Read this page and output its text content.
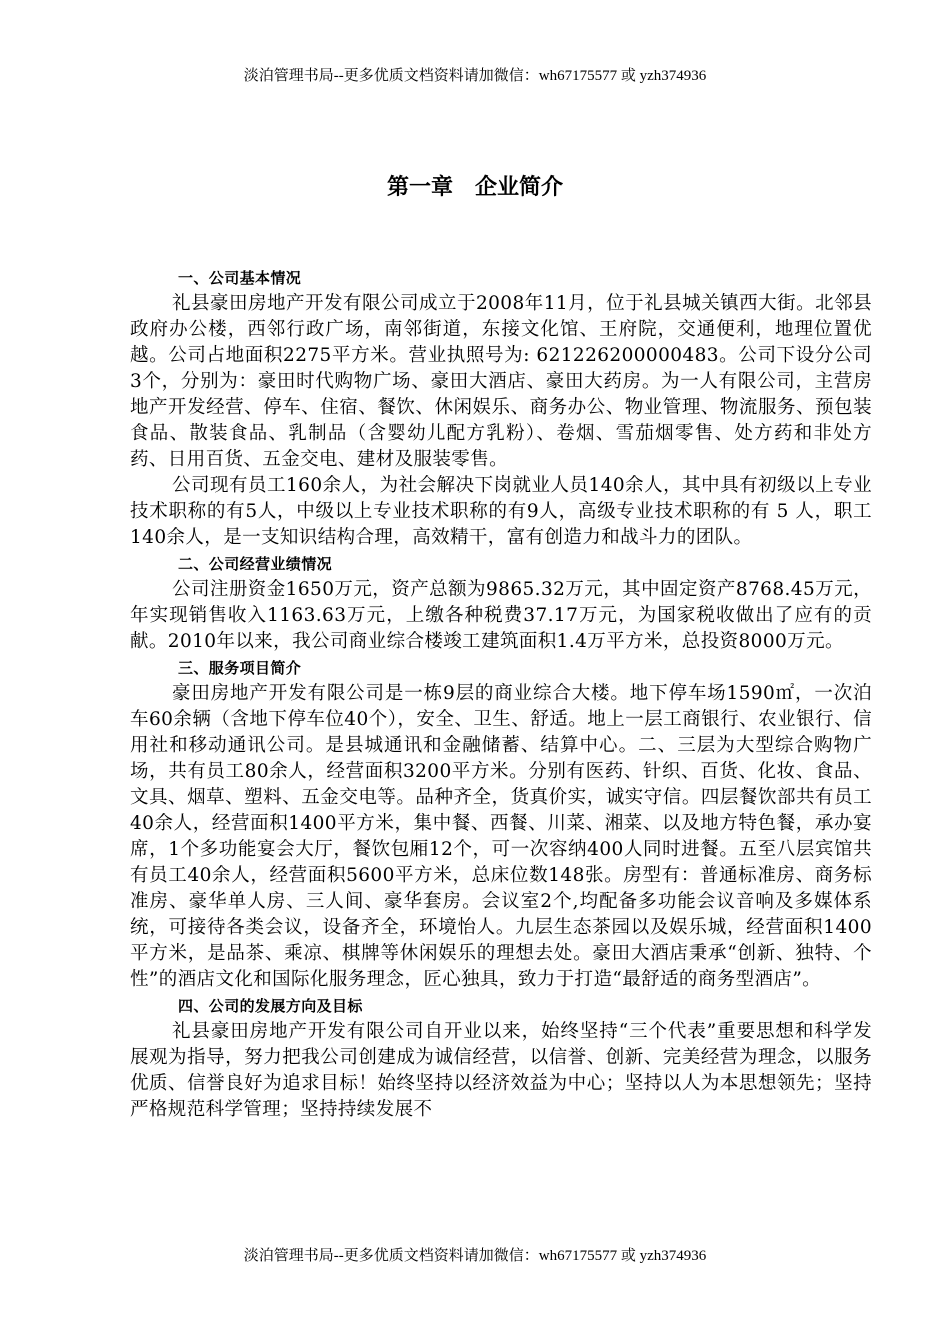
淡泊管理书局--更多优质文档资料请加微信：wh67175577 或 yzh374936
第一章　企业简介

一、公司基本情况

礼县豪田房地产开发有限公司成立于2008年11月，位于礼县城关镇西大街。北邻县政府办公楼，西邻行政广场，南邻街道，东接文化馆、王府院，交通便利，地理位置优越。公司占地面积2275平方米。营业执照号为: 621226200000483。公司下设分公司3个，分别为：豪田时代购物广场、豪田大酒店、豪田大药房。为一人有限公司，主营房地产开发经营、停车、住宿、餐饮、休闲娱乐、商务办公、物业管理、物流服务、预包装食品、散装食品、乳制品（含婴幼儿配方乳粉）、卷烟、雪茄烟零售、处方药和非处方药、日用百货、五金交电、建材及服装零售。

公司现有员工160余人，为社会解决下岗就业人员140余人，其中具有初级以上专业技术职称的有5人，中级以上专业技术职称的有9人，高级专业技术职称的有 5 人，职工140余人，是一支知识结构合理，高效精干，富有创造力和战斗力的团队。

二、公司经营业绩情况

公司注册资金1650万元，资产总额为9865.32万元，其中固定资产8768.45万元，年实现销售收入1163.63万元，上缴各种税费37.17万元，为国家税收做出了应有的贡献。2010年以来，我公司商业综合楼竣工建筑面积1.4万平方米，总投资8000万元。

三、服务项目简介

豪田房地产开发有限公司是一栋9层的商业综合大楼。地下停车场1590㎡，一次泊车60余辆（含地下停车位40个），安全、卫生、舒适。地上一层工商银行、农业银行、信用社和移动通讯公司。是县城通讯和金融储蓄、结算中心。二、三层为大型综合购物广场，共有员工80余人，经营面积3200平方米。分别有医药、针织、百货、化妆、食品、文具、烟草、塑料、五金交电等。品种齐全，货真价实，诚实守信。四层餐饮部共有员工40余人，经营面积1400平方米，集中餐、西餐、川菜、湘菜、以及地方特色餐，承办宴席，1个多功能宴会大厅，餐饮包厢12个，可一次容纳400人同时进餐。五至八层宾馆共有员工40余人，经营面积5600平方米，总床位数148张。房型有：普通标准房、商务标准房、豪华单人房、三人间、豪华套房。会议室2个,均配备多功能会议音响及多媒体系统，可接待各类会议，设备齐全，环境怡人。九层生态茶园以及娱乐城，经营面积1400平方米，是品茶、乘凉、棋牌等休闲娱乐的理想去处。豪田大酒店秉承“创新、独特、个性”的酒店文化和国际化服务理念，匠心独具，致力于打造“最舒适的商务型酒店”。

四、公司的发展方向及目标

礼县豪田房地产开发有限公司自开业以来，始终坚持“三个代表”重要思想和科学发展观为指导，努力把我公司创建成为诚信经营，以信誉、创新、完美经营为理念，以服务优质、信誉良好为追求目标！始终坚持以经济效益为中心；坚持以人为本思想领先；坚持严格规范科学管理；坚持持续发展不

淡泊管理书局--更多优质文档资料请加微信：wh67175577 或 yzh374936
